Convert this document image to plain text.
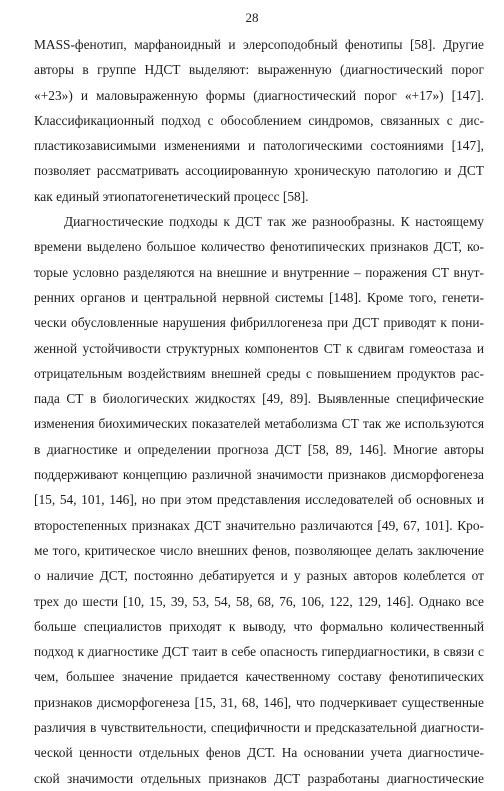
28
MASS-фенотип, марфаноидный и элерсоподобный фенотипы [58]. Другие
авторы в группе НДСТ выделяют: выраженную (диагностический порог
«+23») и маловыраженную формы (диагностический порог «+17») [147].
Классификационный подход с обособлением синдромов, связанных с дис-
пластикозависимыми изменениями и патологическими состояниями [147],
позволяет рассматривать ассоциированную хроническую патологию и ДСТ
как единый этиопатогенетический процесс [58].
Диагностические подходы к ДСТ так же разнообразны. К настоящему
времени выделено большое количество фенотипических признаков ДСТ, ко-
торые условно разделяются на внешние и внутренние – поражения СТ внут-
ренних органов и центральной нервной системы [148]. Кроме того, генети-
чески обусловленные нарушения фибриллогенеза при ДСТ приводят к пони-
женной устойчивости структурных компонентов СТ к сдвигам гомеостаза и
отрицательным воздействиям внешней среды с повышением продуктов рас-
пада СТ в биологических жидкостях [49, 89]. Выявленные специфические
изменения биохимических показателей метаболизма СТ так же используются
в диагностике и определении прогноза ДСТ [58, 89, 146]. Многие авторы
поддерживают концепцию различной значимости признаков дисморфогенеза
[15, 54, 101, 146], но при этом представления исследователей об основных и
второстепенных признаках ДСТ значительно различаются [49, 67, 101]. Кро-
ме того, критическое число внешних фенов, позволяющее делать заключение
о наличие ДСТ, постоянно дебатируется и у разных авторов колеблется от
трех до шести [10, 15, 39, 53, 54, 58, 68, 76, 106, 122, 129, 146]. Однако все
больше специалистов приходят к выводу, что формально количественный
подход к диагностике ДСТ таит в себе опасность гипердиагностики, в связи с
чем, большее значение придается качественному составу фенотипических
признаков дисморфогенеза [15, 31, 68, 146], что подчеркивает существенные
различия в чувствительности, специфичности и предсказательной диагности-
ческой ценности отдельных фенов ДСТ. На основании учета диагностиче-
ской значимости отдельных признаков ДСТ разработаны диагностические
